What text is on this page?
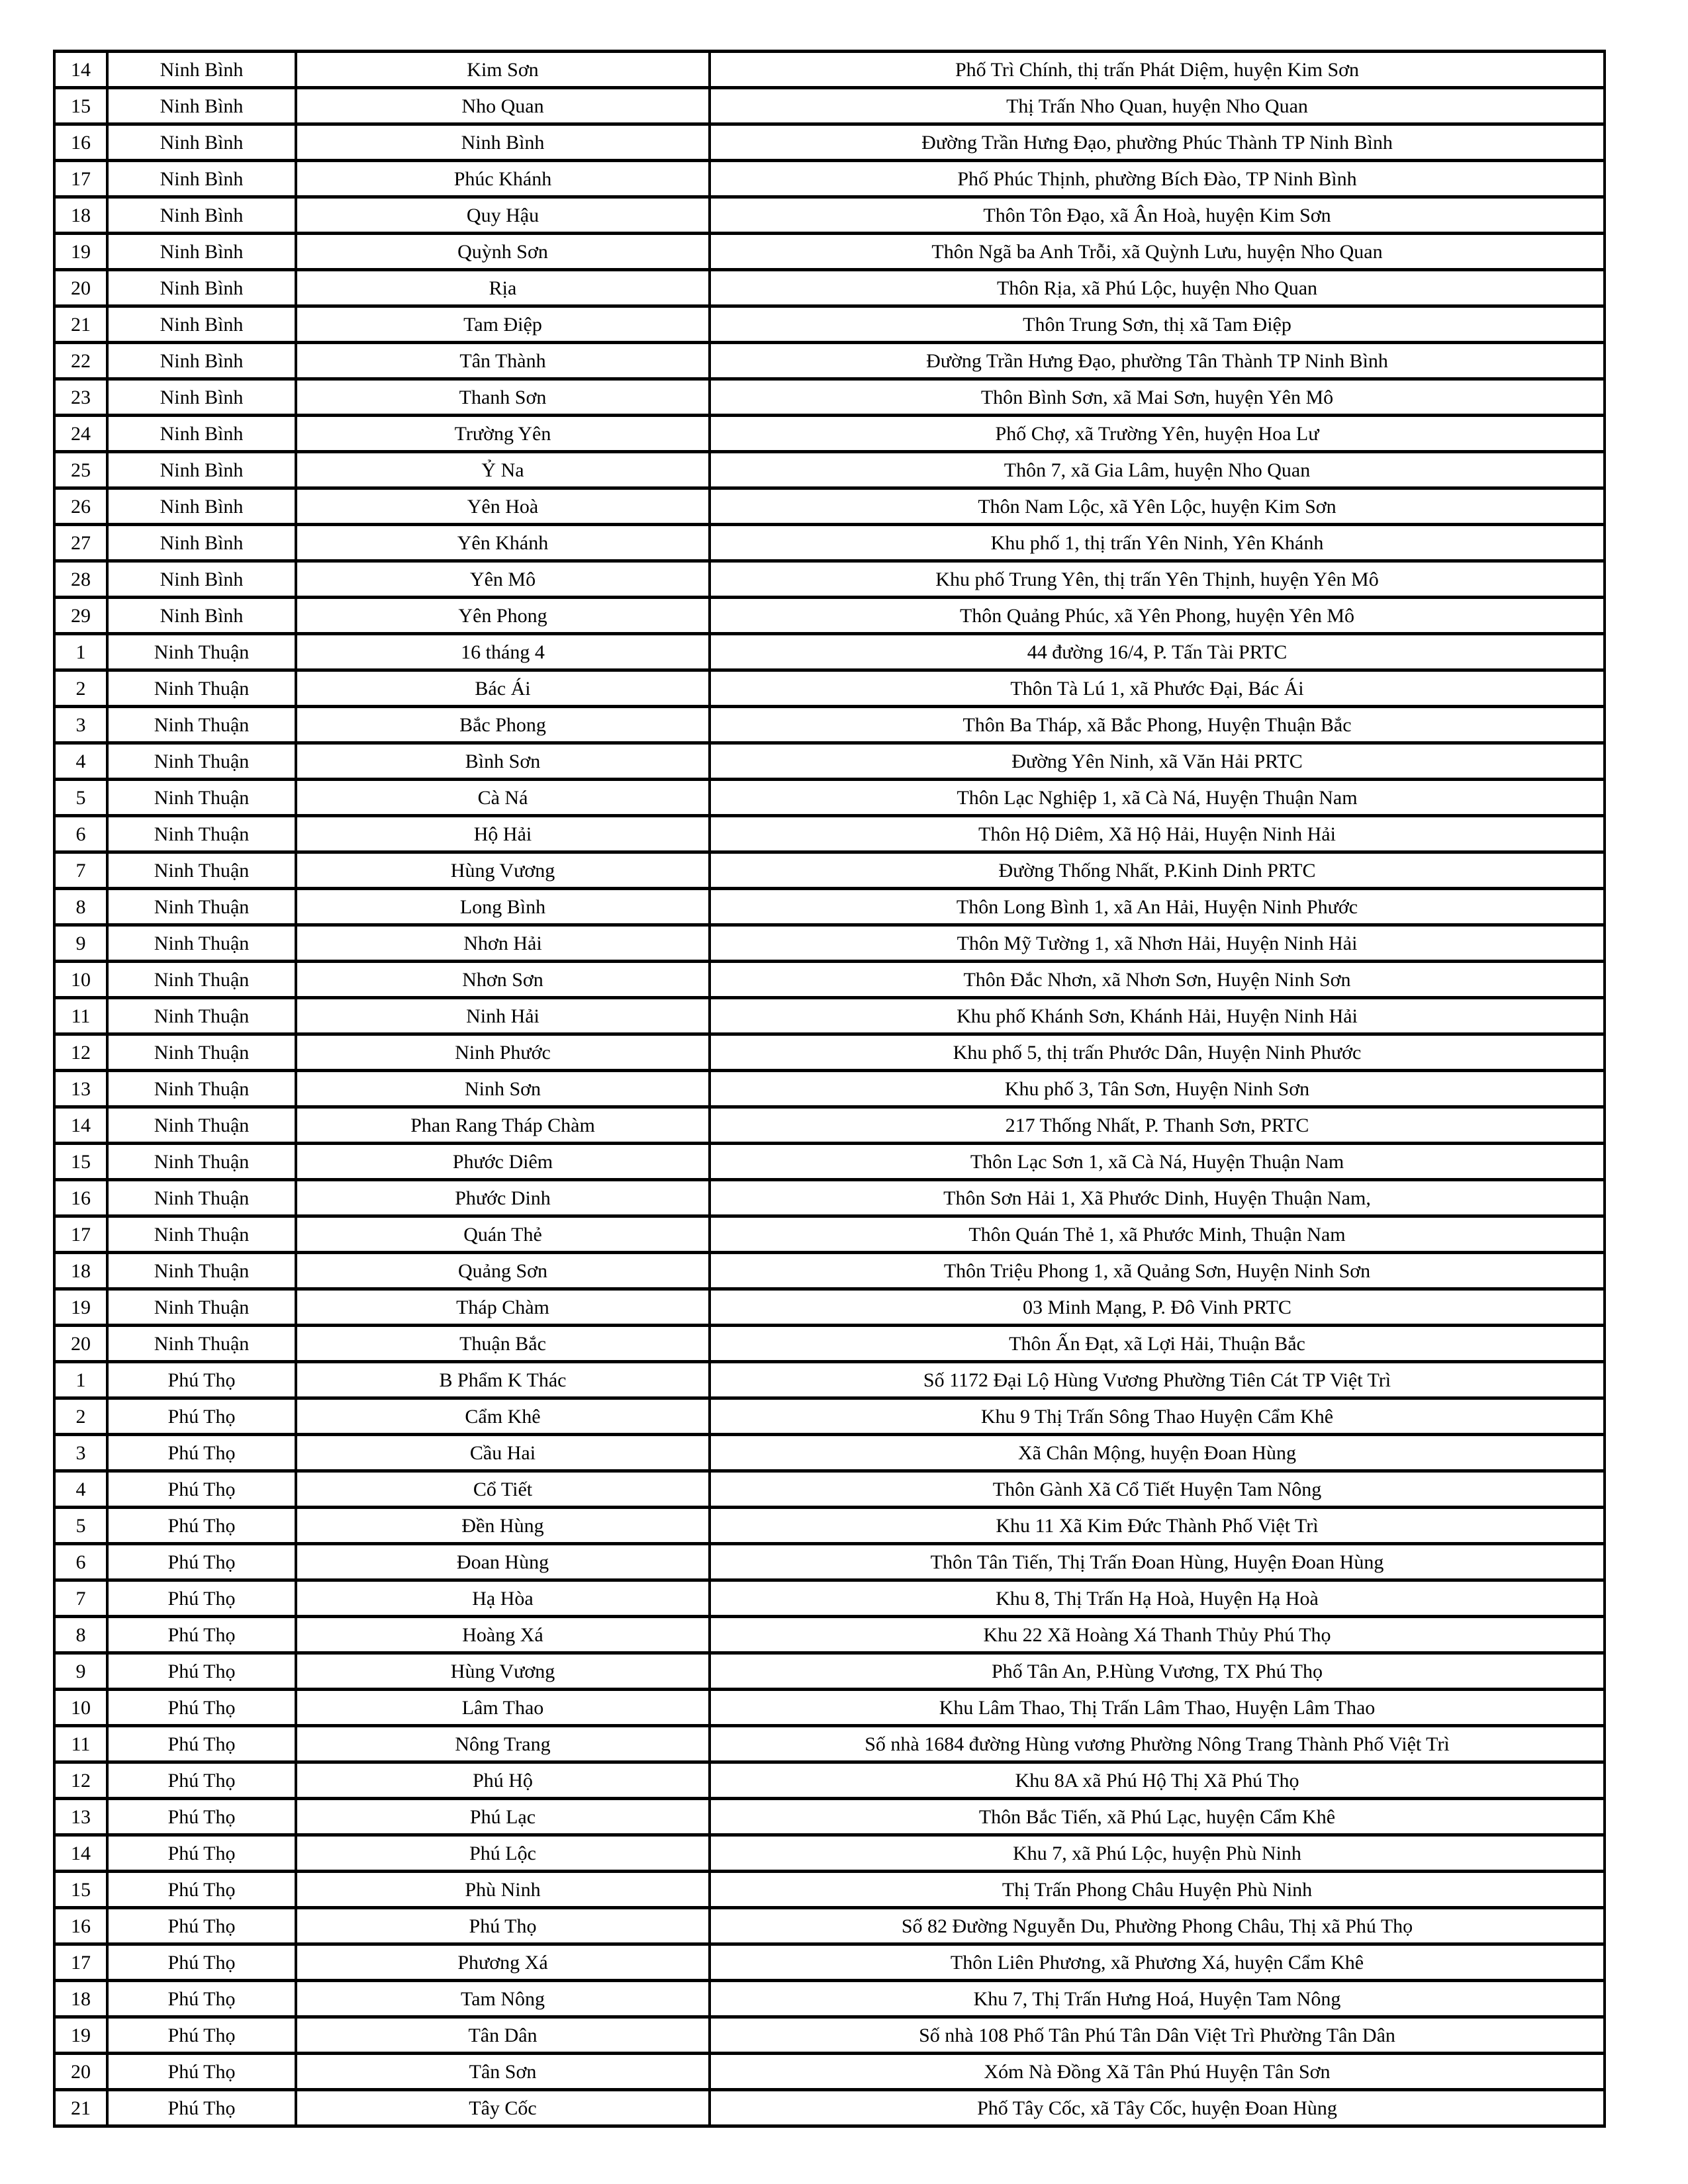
14	Ninh Bình	Kim Sơn	Phố Trì Chính, thị trấn Phát Diệm, huyện Kim Sơn
15	Ninh Bình	Nho Quan	Thị Trấn Nho Quan, huyện Nho Quan
16	Ninh Bình	Ninh Bình	Đường Trần Hưng Đạo, phường Phúc Thành TP Ninh Bình
17	Ninh Bình	Phúc Khánh	Phố Phúc Thịnh, phường Bích Đào, TP Ninh Bình
18	Ninh Bình	Quy Hậu	Thôn Tôn Đạo, xã Ân Hoà, huyện Kim Sơn
19	Ninh Bình	Quỳnh Sơn	Thôn Ngã ba Anh Trỗi, xã Quỳnh Lưu, huyện Nho Quan
20	Ninh Bình	Rịa	Thôn Rịa, xã Phú Lộc, huyện Nho Quan
21	Ninh Bình	Tam Điệp	Thôn Trung Sơn, thị xã Tam Điệp
22	Ninh Bình	Tân Thành	Đường Trần Hưng Đạo, phường Tân Thành TP Ninh Bình
23	Ninh Bình	Thanh Sơn	Thôn Bình Sơn, xã Mai Sơn, huyện Yên Mô
24	Ninh Bình	Trường Yên	Phố Chợ, xã Trường Yên, huyện Hoa Lư
25	Ninh Bình	Ỷ Na	Thôn 7, xã Gia Lâm, huyện Nho Quan
26	Ninh Bình	Yên Hoà	Thôn Nam Lộc, xã Yên Lộc, huyện Kim Sơn
27	Ninh Bình	Yên Khánh	Khu phố 1, thị trấn Yên Ninh, Yên Khánh
28	Ninh Bình	Yên Mô	Khu phố Trung Yên, thị trấn Yên Thịnh, huyện Yên Mô
29	Ninh Bình	Yên Phong	Thôn Quảng Phúc, xã Yên Phong, huyện Yên Mô
1	Ninh Thuận	16 tháng 4	44 đường 16/4, P. Tấn Tài PRTC
2	Ninh Thuận	Bác Ái	Thôn Tà Lú 1, xã Phước Đại, Bác Ái
3	Ninh Thuận	Bắc Phong	Thôn Ba Tháp, xã Bắc Phong, Huyện Thuận Bắc
4	Ninh Thuận	Bình Sơn	Đường Yên Ninh, xã Văn Hải PRTC
5	Ninh Thuận	Cà Ná	Thôn Lạc Nghiệp 1, xã Cà Ná, Huyện Thuận Nam
6	Ninh Thuận	Hộ Hải	Thôn Hộ Diêm, Xã Hộ Hải, Huyện Ninh Hải
7	Ninh Thuận	Hùng Vương	Đường Thống Nhất, P.Kinh Dinh PRTC
8	Ninh Thuận	Long Bình	Thôn Long Bình 1, xã An Hải, Huyện Ninh Phước
9	Ninh Thuận	Nhơn Hải	Thôn Mỹ Tường 1, xã Nhơn Hải, Huyện Ninh Hải
10	Ninh Thuận	Nhơn Sơn	Thôn Đắc Nhơn, xã Nhơn Sơn, Huyện Ninh Sơn
11	Ninh Thuận	Ninh Hải	Khu phố Khánh Sơn, Khánh Hải, Huyện Ninh Hải
12	Ninh Thuận	Ninh Phước	Khu phố 5, thị trấn Phước Dân, Huyện Ninh Phước
13	Ninh Thuận	Ninh Sơn	Khu phố 3, Tân Sơn, Huyện Ninh Sơn
14	Ninh Thuận	Phan Rang Tháp Chàm	217 Thống Nhất, P. Thanh Sơn, PRTC
15	Ninh Thuận	Phước Diêm	Thôn Lạc Sơn 1, xã Cà Ná, Huyện Thuận Nam
16	Ninh Thuận	Phước Dinh	Thôn Sơn Hải 1, Xã Phước Dinh, Huyện Thuận Nam,
17	Ninh Thuận	Quán Thẻ	Thôn Quán Thẻ 1, xã Phước Minh, Thuận Nam
18	Ninh Thuận	Quảng Sơn	Thôn Triệu Phong 1, xã Quảng Sơn, Huyện Ninh Sơn
19	Ninh Thuận	Tháp Chàm	03 Minh Mạng, P. Đô Vinh PRTC
20	Ninh Thuận	Thuận Bắc	Thôn Ấn Đạt, xã Lợi Hải, Thuận Bắc
1	Phú Thọ	B Phẩm K Thác	Số 1172 Đại Lộ Hùng Vương Phường Tiên Cát TP Việt Trì
2	Phú Thọ	Cẩm Khê	Khu 9 Thị Trấn Sông Thao Huyện Cẩm Khê
3	Phú Thọ	Cầu Hai	Xã Chân Mộng, huyện Đoan Hùng
4	Phú Thọ	Cổ Tiết	Thôn Gành Xã Cổ Tiết Huyện Tam Nông
5	Phú Thọ	Đền Hùng	Khu 11 Xã Kim Đức Thành Phố Việt Trì
6	Phú Thọ	Đoan Hùng	Thôn Tân Tiến, Thị Trấn Đoan Hùng, Huyện Đoan Hùng
7	Phú Thọ	Hạ Hòa	Khu 8, Thị Trấn Hạ Hoà, Huyện Hạ Hoà
8	Phú Thọ	Hoàng Xá	Khu 22 Xã Hoàng Xá Thanh Thủy Phú Thọ
9	Phú Thọ	Hùng Vương	Phố Tân An, P.Hùng Vương, TX Phú Thọ
10	Phú Thọ	Lâm Thao	Khu Lâm Thao, Thị Trấn Lâm Thao, Huyện Lâm Thao
11	Phú Thọ	Nông Trang	Số nhà 1684 đường Hùng vương Phường Nông Trang Thành Phố Việt Trì
12	Phú Thọ	Phú Hộ	Khu 8A xã Phú Hộ Thị Xã Phú Thọ
13	Phú Thọ	Phú Lạc	Thôn Bắc Tiến, xã Phú Lạc, huyện Cẩm Khê
14	Phú Thọ	Phú Lộc	Khu 7, xã Phú Lộc, huyện Phù Ninh
15	Phú Thọ	Phù Ninh	Thị Trấn Phong Châu Huyện Phù Ninh
16	Phú Thọ	Phú Thọ	Số 82 Đường Nguyễn Du, Phường Phong Châu, Thị xã Phú Thọ
17	Phú Thọ	Phương Xá	Thôn Liên Phương, xã Phương Xá, huyện Cẩm Khê
18	Phú Thọ	Tam Nông	Khu 7, Thị Trấn Hưng Hoá, Huyện Tam Nông
19	Phú Thọ	Tân Dân	Số nhà 108 Phố Tân Phú Tân Dân Việt Trì Phường Tân Dân
20	Phú Thọ	Tân Sơn	Xóm Nà Đồng Xã Tân Phú Huyện Tân Sơn
21	Phú Thọ	Tây Cốc	Phố Tây Cốc, xã Tây Cốc, huyện Đoan Hùng
